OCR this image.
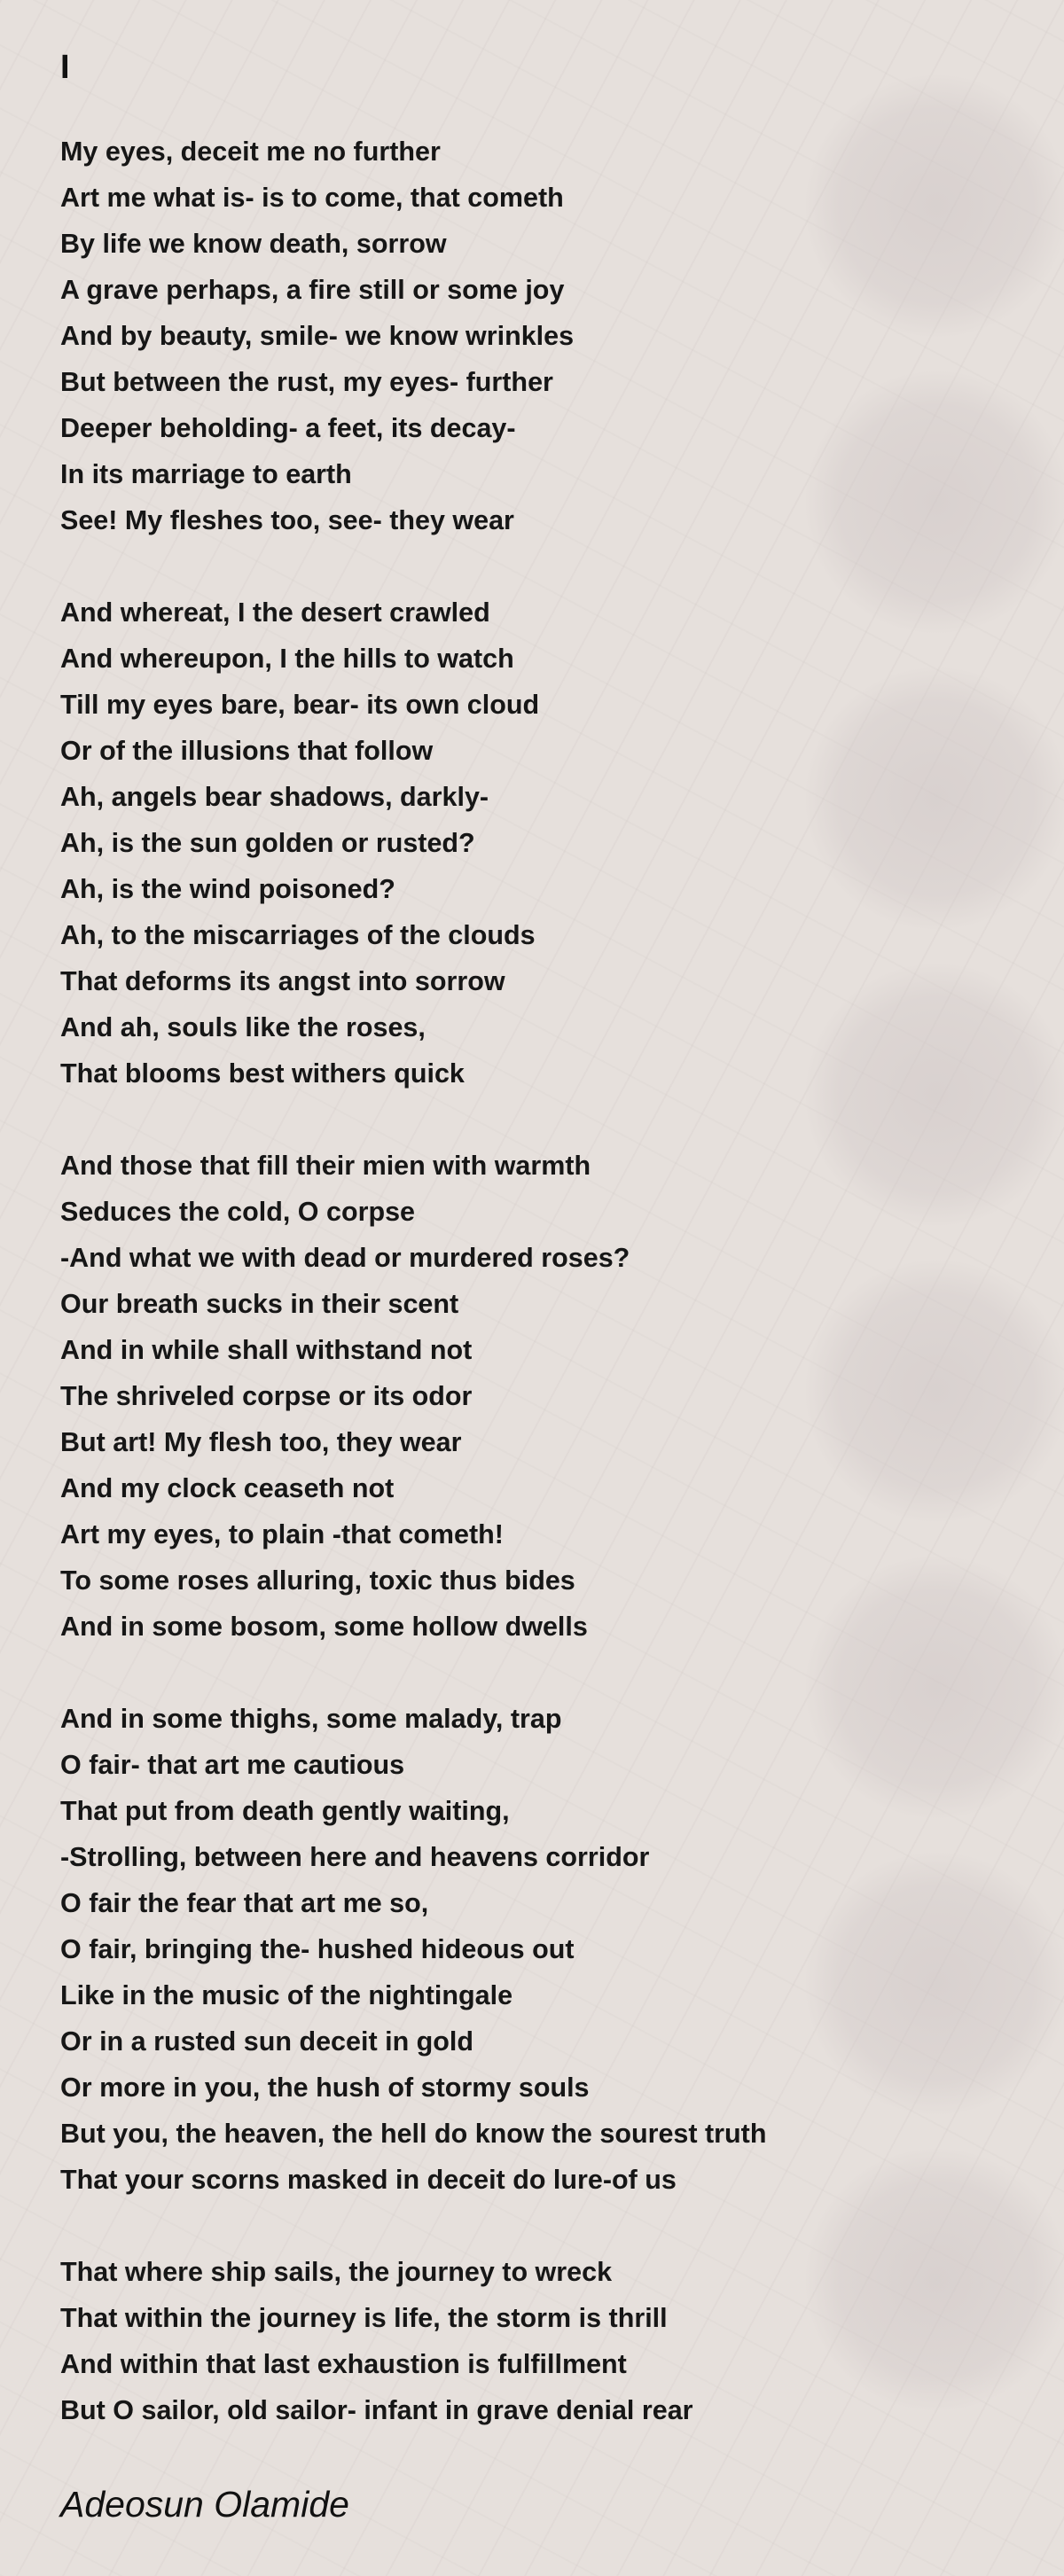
I
My eyes, deceit me no further
Art me what is- is to come, that cometh
By life we know death, sorrow
A grave perhaps, a fire still or some joy
And by beauty, smile- we know wrinkles
But between the rust, my eyes- further
Deeper beholding- a feet, its decay-
In its marriage to earth
See! My fleshes too, see- they wear
And whereat, I the desert crawled
And whereupon, I the hills to watch
Till my eyes bare, bear- its own cloud
Or of the illusions that follow
Ah, angels bear shadows, darkly-
Ah, is the sun golden or rusted?
Ah, is the wind poisoned?
Ah, to the miscarriages of the clouds
That deforms its angst into sorrow
And ah, souls like the roses,
That blooms best withers quick
And those that fill their mien with warmth
Seduces the cold, O corpse
-And what we with dead or murdered roses?
Our breath sucks in their scent
And in while shall withstand not
The shriveled corpse or its odor
But art! My flesh too, they wear
And my clock ceaseth not
Art my eyes, to plain -that cometh!
To some roses alluring, toxic thus bides
And in some bosom, some hollow dwells
And in some thighs, some malady, trap
O fair- that art me cautious
That put from death gently waiting,
-Strolling, between here and heavens corridor
O fair the fear that art me so,
O fair, bringing the- hushed hideous out
Like in the music of the nightingale
Or in a rusted sun deceit in gold
Or more in you, the hush of stormy souls
But you, the heaven, the hell do know the sourest truth
That your scorns masked in deceit do lure-of us
That where ship sails, the journey to wreck
That within the journey is life, the storm is thrill
And within that last exhaustion is fulfillment
But O sailor, old sailor- infant in grave denial rear
Adeosun Olamide
